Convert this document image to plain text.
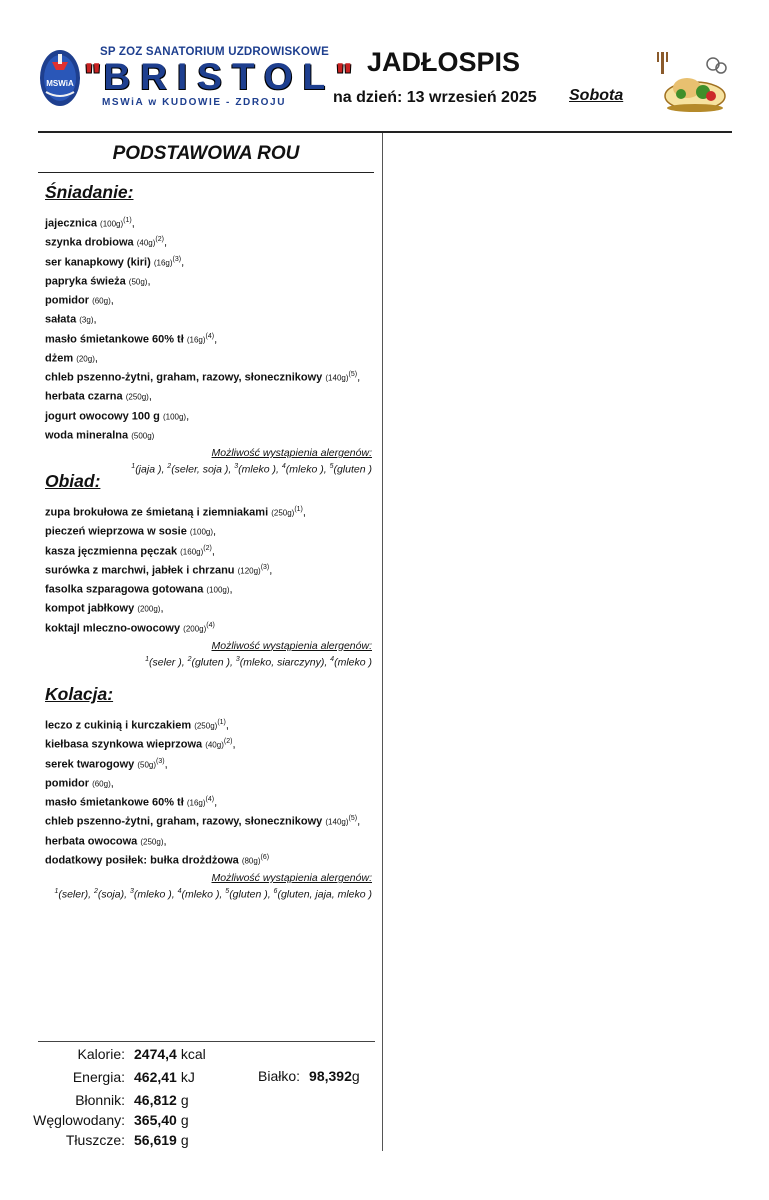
MSWiA
SP ZOZ SANATORIUM UZDROWISKOWE
"BRISTOL"
MSWiA w KUDOWIE - ZDROJU
JADŁOSPIS
na dzień: 13 wrzesień 2025 Sobota
PODSTAWOWA ROU
Śniadanie:
jajecznica $(100g)^{(1)}$,
szynka drobiowa $(40g)^{(2)}$,
ser kanapkowy (kiri) $(16g)^{(3)}$,
papryka świeża (50g),
pomidor (60g),
sałata (3g),
masło śmietankowe 60% tł $(16g)^{(4)}$,
dżem (20g),
chleb pszenno-żytni, graham, razowy, słonecznikowy $(140g)^{(5)}$,
herbata czarna (250g),
jogurt owocowy 100 g (100g),
woda mineralna (500g)
Możliwość wystąpienia alergenów:
$^1$(jaja ), $^2$(seler, soja ), $^3$(mleko ), $^4$(mleko ), $^5$(gluten )
Obiad:
zupa brokułowa ze śmietaną i ziemniakami $(250g)^{(1)}$,
pieczeń wieprzowa w sosie (100g),
kasza jęczmienna pęczak $(160g)^{(2)}$,
surówka z marchwi, jabłek i chrzanu $(120g)^{(3)}$,
fasolka szparagowa gotowana (100g),
kompot jabłkowy (200g),
koktajl mleczno-owocowy $(200g)^{(4)}$
Możliwość wystąpienia alergenów:
$^1$(seler ), $^2$(gluten ), $^3$(mleko, siarczyny), $^4$(mleko )
Kolacja:
leczo z cukinią i kurczakiem $(250g)^{(1)}$,
kiełbasa szynkowa wieprzowa $(40g)^{(2)}$,
serek twarogowy $(50g)^{(3)}$,
pomidor (60g),
masło śmietankowe 60% tł $(16g)^{(4)}$,
chleb pszenno-żytni, graham, razowy, słonecznikowy $(140g)^{(5)}$,
herbata owocowa (250g),
dodatkowy posiłek: bułka drożdżowa $(80g)^{(6)}$
Możliwość wystąpienia alergenów:
$^1$(seler), $^2$(soja), $^3$(mleko ), $^4$(mleko ), $^5$(gluten ), $^6$(gluten, jaja, mleko )
Kalorie: 2474,4 kcal
Energia: 462,41 kJ
Błonnik: 46,812 g
Węglowodany: 365,40 g
Tłuszcze: 56,619 g
Białko: 98,392g
